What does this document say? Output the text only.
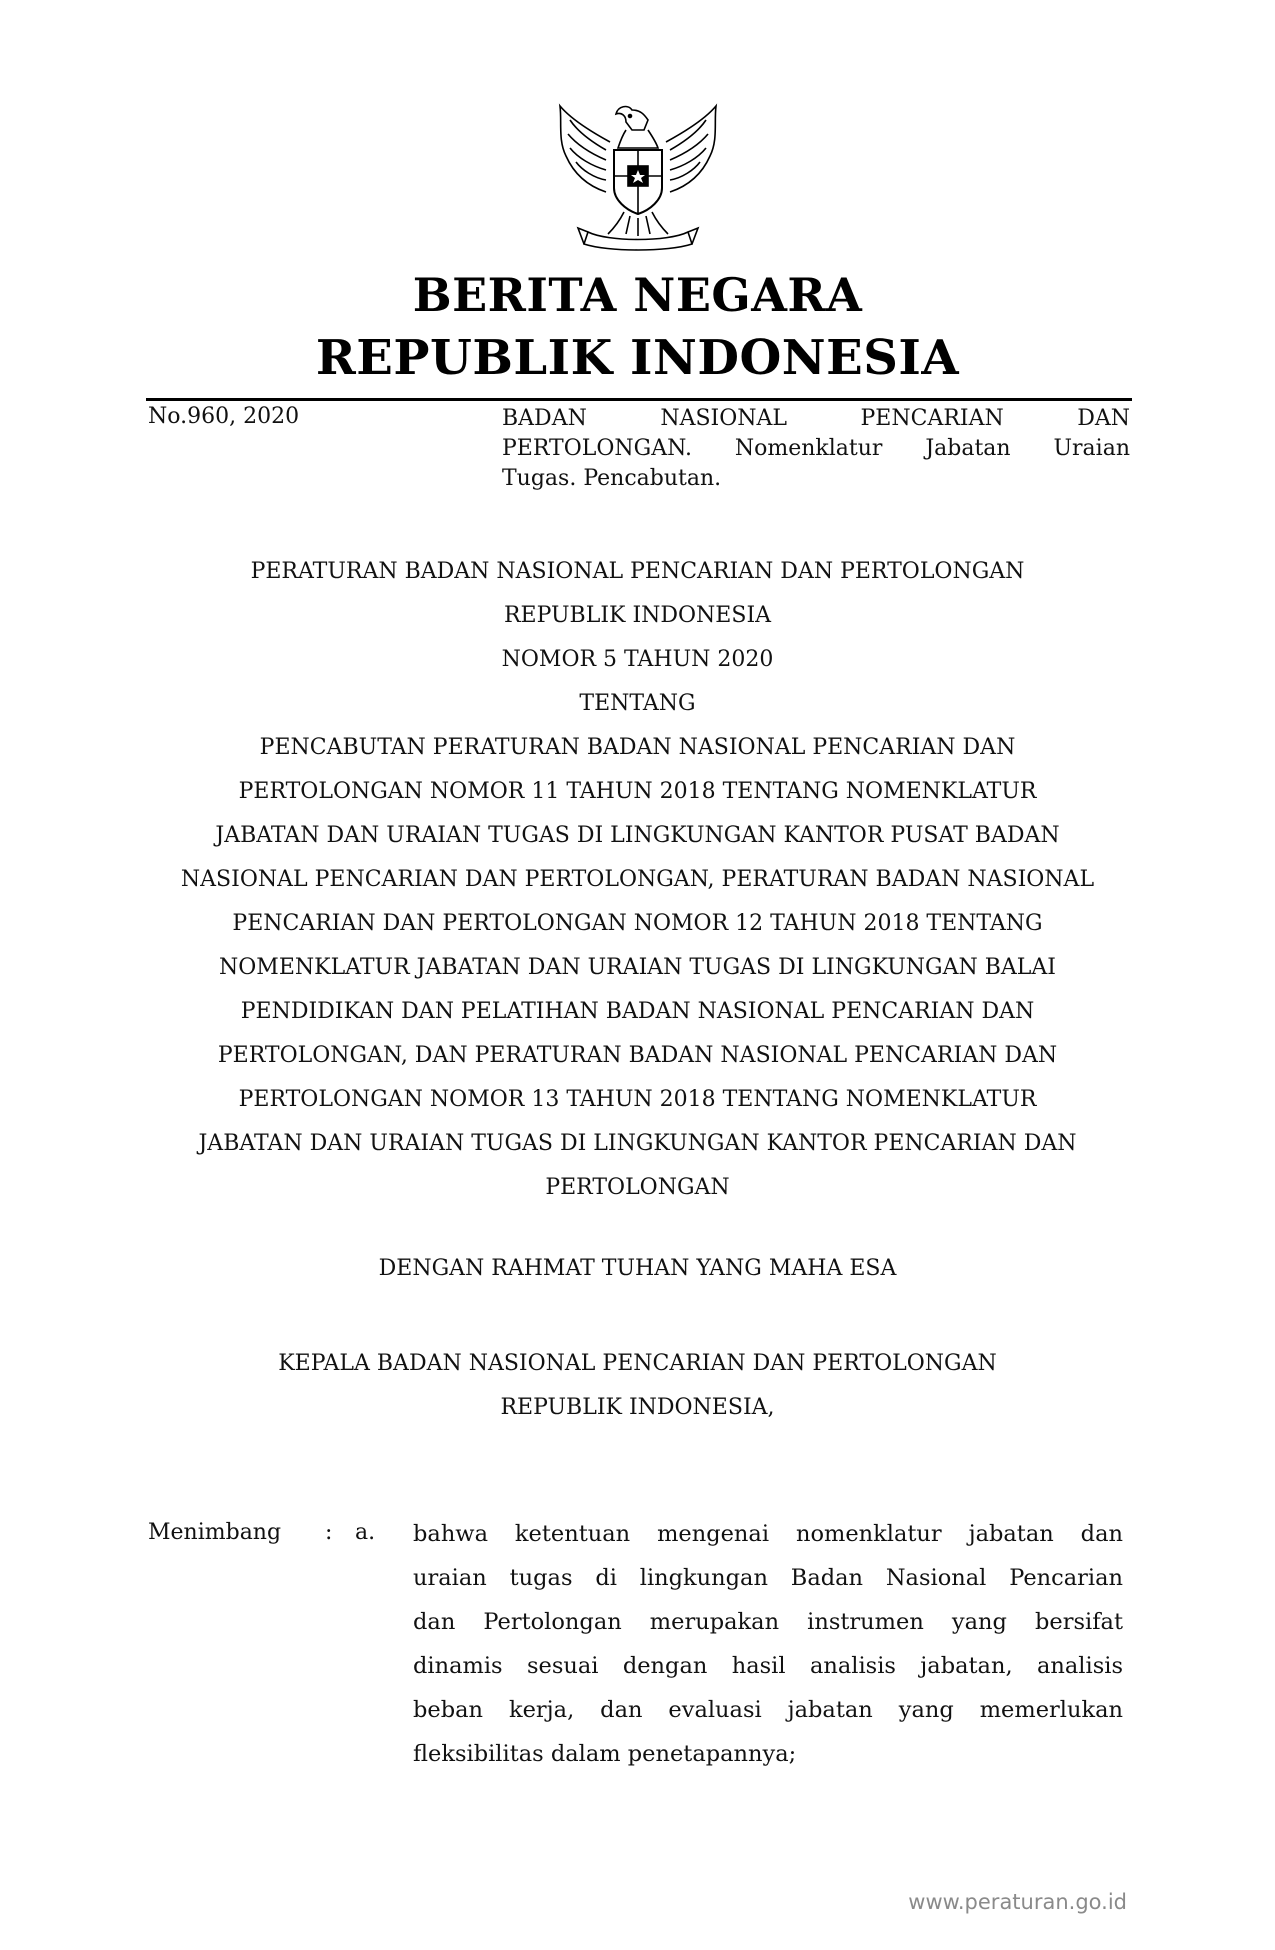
BERITA NEGARA
REPUBLIK INDONESIA
No.960, 2020	BADAN	NASIONAL	PENCARIAN	DAN
PERTOLONGAN. Nomenklatur Jabatan Uraian
Tugas. Pencabutan.
PERATURAN BADAN NASIONAL PENCARIAN DAN PERTOLONGAN
REPUBLIK INDONESIA
NOMOR 5 TAHUN 2020
TENTANG
PENCABUTAN PERATURAN BADAN NASIONAL PENCARIAN DAN
PERTOLONGAN NOMOR 11 TAHUN 2018 TENTANG NOMENKLATUR
JABATAN DAN URAIAN TUGAS DI LINGKUNGAN KANTOR PUSAT BADAN
NASIONAL PENCARIAN DAN PERTOLONGAN, PERATURAN BADAN NASIONAL
PENCARIAN DAN PERTOLONGAN NOMOR 12 TAHUN 2018 TENTANG
NOMENKLATUR JABATAN DAN URAIAN TUGAS DI LINGKUNGAN BALAI
PENDIDIKAN DAN PELATIHAN BADAN NASIONAL PENCARIAN DAN
PERTOLONGAN, DAN PERATURAN BADAN NASIONAL PENCARIAN DAN
PERTOLONGAN NOMOR 13 TAHUN 2018 TENTANG NOMENKLATUR
JABATAN DAN URAIAN TUGAS DI LINGKUNGAN KANTOR PENCARIAN DAN
PERTOLONGAN
DENGAN RAHMAT TUHAN YANG MAHA ESA
KEPALA BADAN NASIONAL PENCARIAN DAN PERTOLONGAN
REPUBLIK INDONESIA,
Menimbang : a. bahwa ketentuan mengenai nomenklatur jabatan dan
uraian tugas di lingkungan Badan Nasional Pencarian
dan Pertolongan merupakan instrumen yang bersifat
dinamis sesuai dengan hasil analisis jabatan, analisis
beban kerja, dan evaluasi jabatan yang memerlukan
fleksibilitas dalam penetapannya;
www.peraturan.go.id
